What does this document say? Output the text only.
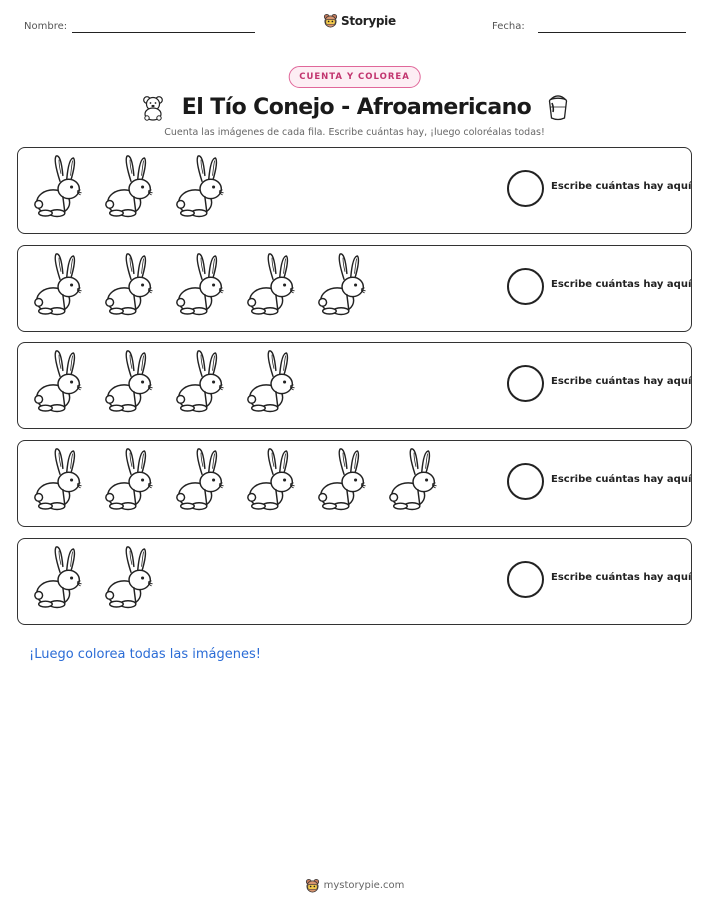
Nombre:	Storypie	Fecha:
CUENTA Y COLOREA
El Tío Conejo - Afroamericano
Cuenta las imágenes de cada fila. Escribe cuántas hay, ¡luego coloréalas todas!
Escribe cuántas hay aquí
Escribe cuántas hay aquí
Escribe cuántas hay aquí
Escribe cuántas hay aquí
Escribe cuántas hay aquí
¡Luego colorea todas las imágenes!
mystorypie.com
